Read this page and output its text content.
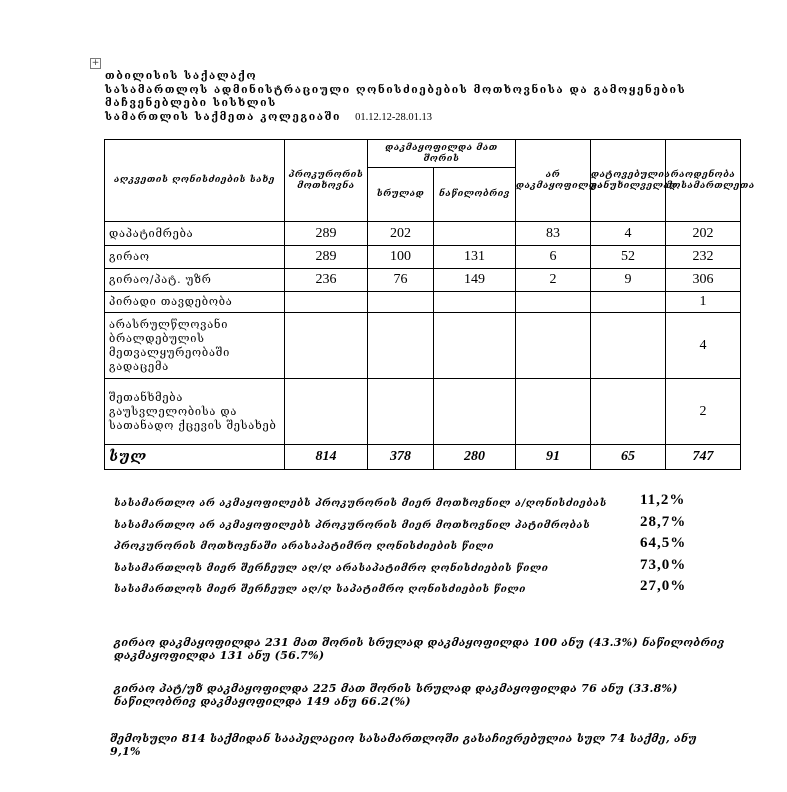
+
თბილისის საქალაქო
სასამართლოს ადმინისტრაციული ღონისძიებების მოთხოვნისა და გამოყენების მაჩვენებლები სისხლის
სამართლის საქმეთა კოლეგიაში 01.12.12-28.01.13
აღკვეთის ღონისძიების სახე	პროკურორის მოთხოვნა	დაკმაყოფილდა მათ შორის		არ დაკმაყოფილდა	დატოვებულია განუხილველად	რაოდენობა მოსამართლეთა
		სრულად	ნაწილობრივ			
დაპატიმრება	289	202		83	4	202
გირაო	289	100	131	6	52	232
გირაო/პატ. უზრ	236	76	149	2	9	306
პირადი თავდებობა						1
არასრულწლოვანი ბრალდებულის მეთვალყურეობაში გადაცემა						4
შეთანხმება გაუსვლელობისა და სათანადო ქცევის შესახებ						2
სულ	814	378	280	91	65	747
სასამართლო არ აკმაყოფილებს პროკურორის მიერ მოთხოვნილ ა/ღონისძიებას 11,2%
სასამართლო არ აკმაყოფილებს პროკურორის მიერ მოთხოვნილ პატიმრობას	28,7%
პროკურორის მოთხოვნაში არასაპატიმრო ღონისძიების წილი	64,5%
სასამართლოს მიერ შერჩეულ აღ/ღ არასაპატიმრო ღონისძიების წილი	73,0%
სასამართლოს მიერ შერჩეულ აღ/ღ საპატიმრო ღონისძიების წილი	27,0%
გირაო დაკმაყოფილდა 231 მათ შორის სრულად დაკმაყოფილდა 100 ანუ (43.3%) ნაწილობრივ დაკმაყოფილდა 131 ანუ (56.7%)
გირაო პატ/უზ დაკმაყოფილდა 225 მათ შორის სრულად დაკმაყოფილდა 76 ანუ (33.8%) ნაწილობრივ დაკმაყოფილდა 149 ანუ 66.2(%)
შემოსული 814 საქმიდან სააპელაციო სასამართლოში გასაჩივრებულია სულ 74 საქმე, ანუ 9,1%
